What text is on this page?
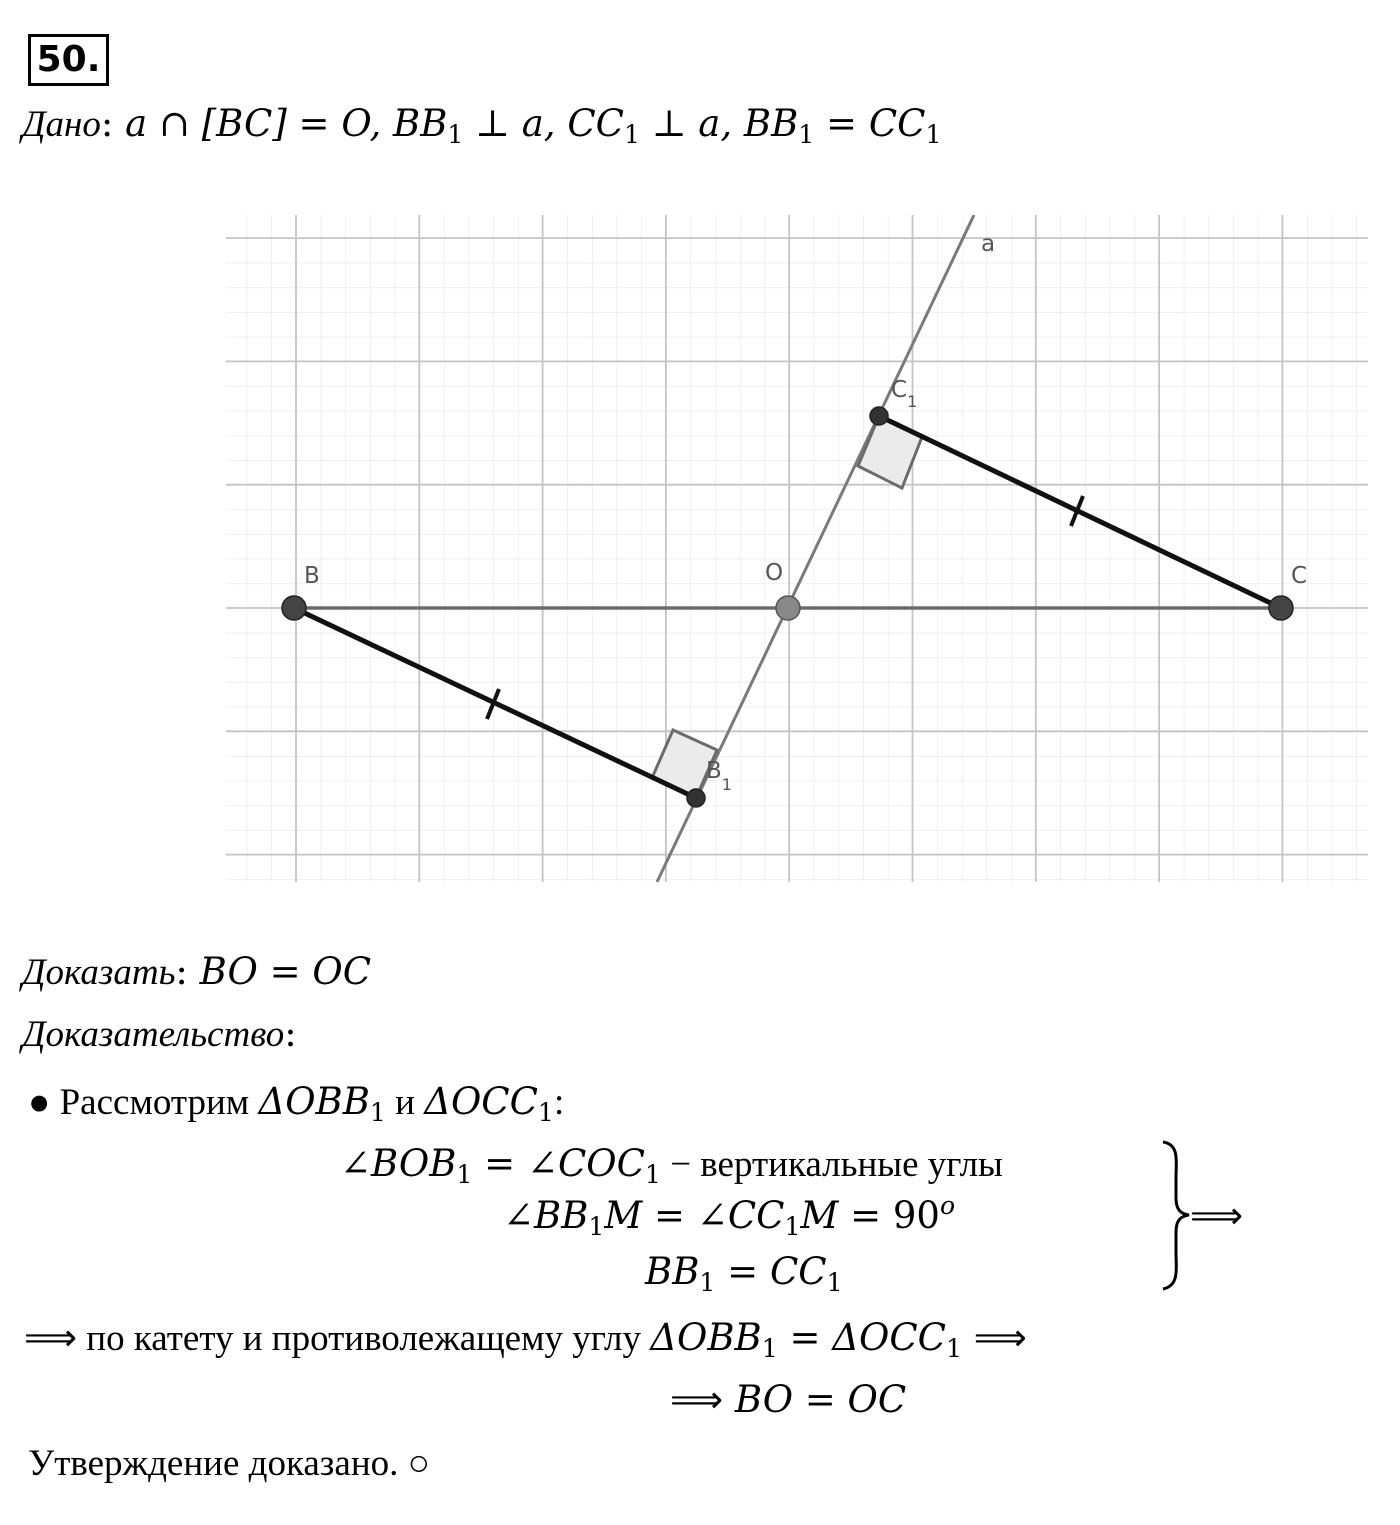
50.
Дано: a ∩ [BC] = O, $BB_1$ ⊥ a, $CC_1$ ⊥ a, $BB_1 = CC_1$
a
B	O	C
$C_1$
$B_1$
Доказать: BO = OC
Доказательство:
● Рассмотрим $\Delta OBB_1$ и $\Delta OCC_1$:
$\angle BOB_1$ = $\angle COC_1$ − вертикальные углы
$\angle BB_1M$ = $\angle CC_1M = 90^o$
$BB_1 = CC_1$
⟹
⟹ по катету и противолежащему углу $\Delta OBB_1 = \Delta OCC_1$ ⟹
⟹ BO = OC
Утверждение доказано. ○
